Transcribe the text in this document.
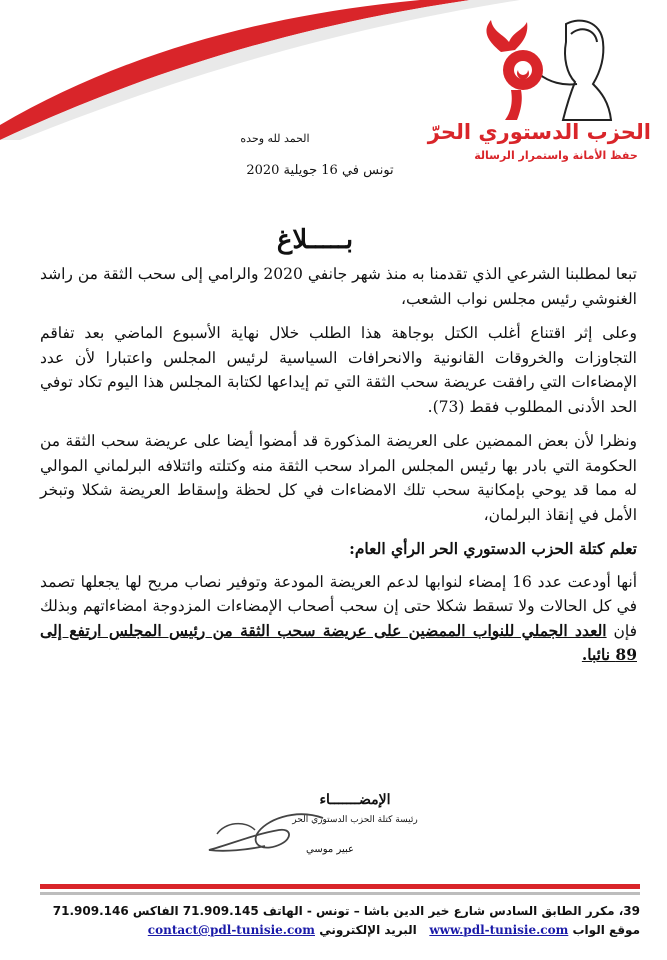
الحزب الدستوري الحرّ
حفظ الأمانة واستمرار الرسالة
الحمد لله وحده
تونس في 16 جويلية 2020
بـــــلاغ

تبعا لمطلبنا الشرعي الذي تقدمنا به منذ شهر جانفي 2020 والرامي إلى سحب الثقة من راشد الغنوشي رئيس مجلس نواب الشعب،

وعلى إثر اقتناع أغلب الكتل بوجاهة هذا الطلب خلال نهاية الأسبوع الماضي بعد تفاقم التجاوزات والخروقات القانونية والانحرافات السياسية لرئيس المجلس واعتبارا لأن عدد الإمضاءات التي رافقت عريضة سحب الثقة التي تم إيداعها لكتابة المجلس هذا اليوم تكاد توفي الحد الأدنى المطلوب فقط (73).

ونظرا لأن بعض الممضين على العريضة المذكورة قد أمضوا أيضا على عريضة سحب الثقة من الحكومة التي بادر بها رئيس المجلس المراد سحب الثقة منه وكتلته وائتلافه البرلماني الموالي له مما قد يوحي بإمكانية سحب تلك الامضاءات في كل لحظة وإسقاط العريضة شكلا وتبخر الأمل في إنقاذ البرلمان،

تعلم كتلة الحزب الدستوري الحر الرأي العام:

أنها أودعت عدد 16 إمضاء لنوابها لدعم العريضة المودعة وتوفير نصاب مريح لها يجعلها تصمد في كل الحالات ولا تسقط شكلا حتى إن سحب أصحاب الإمضاءات المزدوجة امضاءاتهم وبذلك فإن العدد الجملي للنواب الممضين على عريضة سحب الثقة من رئيس المجلس ارتفع إلى 89 نائبا.

الإمضـــــــاء
رئيسة كتلة الحزب الدستوري الحر
عبير موسي
39، مكرر الطابق السادس شارع خير الدين باشا – تونس - الهاتف 71.909.145 الفاكس 71.909.146
موقع الواب www.pdl-tunisie.com   البريد الإلكتروني contact@pdl-tunisie.com
